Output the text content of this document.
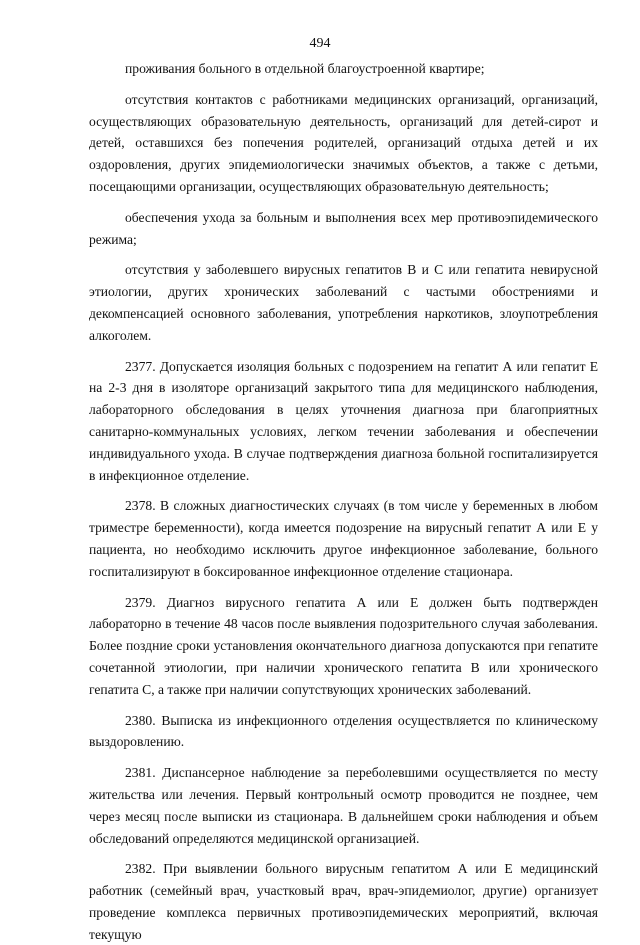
494

проживания больного в отдельной благоустроенной квартире;

отсутствия контактов с работниками медицинских организаций, организаций, осуществляющих образовательную деятельность, организаций для детей-сирот и детей, оставшихся без попечения родителей, организаций отдыха детей и их оздоровления, других эпидемиологически значимых объектов, а также с детьми, посещающими организации, осуществляющих образовательную деятельность;

обеспечения ухода за больным и выполнения всех мер противоэпидемического режима;

отсутствия у заболевшего вирусных гепатитов В и С или гепатита невирусной этиологии, других хронических заболеваний с частыми обострениями и декомпенсацией основного заболевания, употребления наркотиков, злоупотребления алкоголем.

2377. Допускается изоляция больных с подозрением на гепатит А или гепатит Е на 2-3 дня в изоляторе организаций закрытого типа для медицинского наблюдения, лабораторного обследования в целях уточнения диагноза при благоприятных санитарно-коммунальных условиях, легком течении заболевания и обеспечении индивидуального ухода. В случае подтверждения диагноза больной госпитализируется в инфекционное отделение.

2378. В сложных диагностических случаях (в том числе у беременных в любом триместре беременности), когда имеется подозрение на вирусный гепатит А или Е у пациента, но необходимо исключить другое инфекционное заболевание, больного госпитализируют в боксированное инфекционное отделение стационара.

2379. Диагноз вирусного гепатита А или Е должен быть подтвержден лабораторно в течение 48 часов после выявления подозрительного случая заболевания. Более поздние сроки установления окончательного диагноза допускаются при гепатите сочетанной этиологии, при наличии хронического гепатита В или хронического гепатита С, а также при наличии сопутствующих хронических заболеваний.

2380. Выписка из инфекционного отделения осуществляется по клиническому выздоровлению.

2381. Диспансерное наблюдение за переболевшими осуществляется по месту жительства или лечения. Первый контрольный осмотр проводится не позднее, чем через месяц после выписки из стационара. В дальнейшем сроки наблюдения и объем обследований определяются медицинской организацией.

2382. При выявлении больного вирусным гепатитом А или Е медицинский работник (семейный врач, участковый врач, врач-эпидемиолог, другие) организует проведение комплекса первичных противоэпидемических мероприятий, включая текущую
